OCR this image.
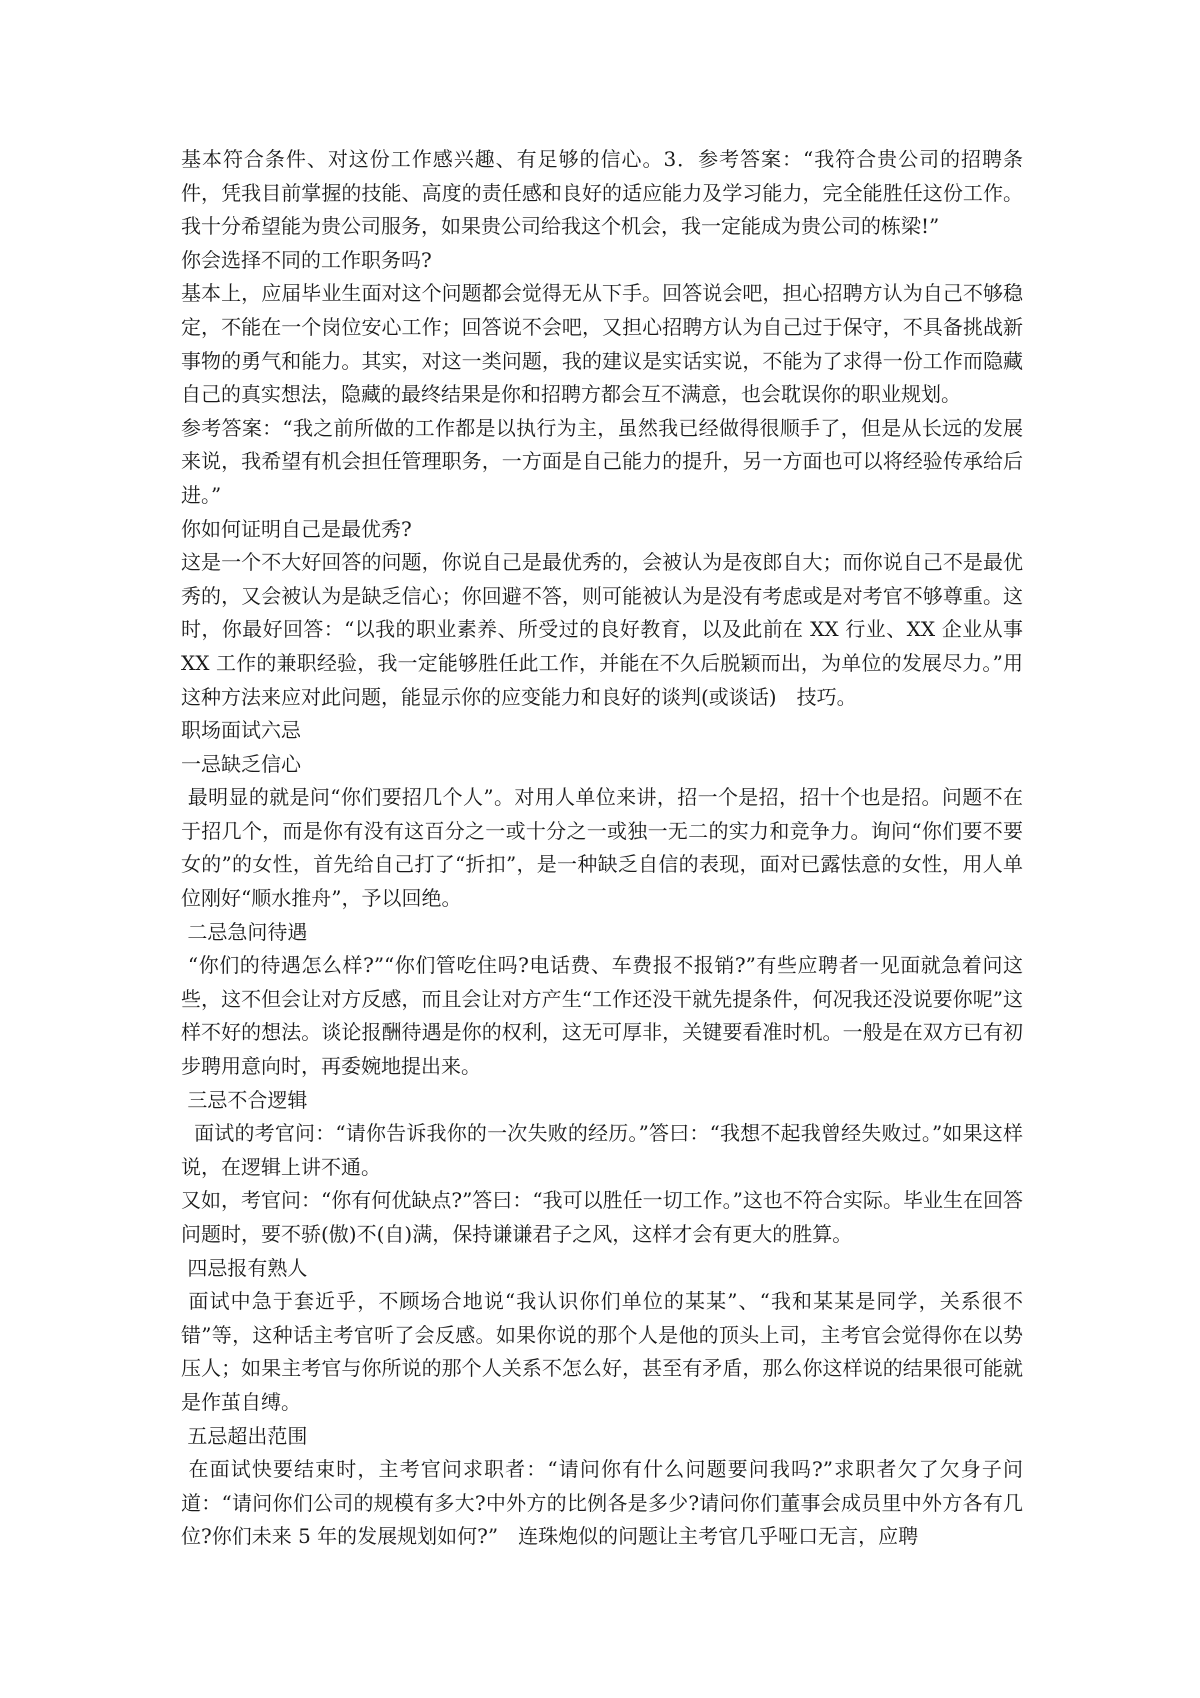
基本符合条件、对这份工作感兴趣、有足够的信心。3．参考答案：“我符合贵公司的招聘条件，凭我目前掌握的技能、高度的责任感和良好的适应能力及学习能力，完全能胜任这份工作。我十分希望能为贵公司服务，如果贵公司给我这个机会，我一定能成为贵公司的栋梁!”

你会选择不同的工作职务吗?

基本上，应届毕业生面对这个问题都会觉得无从下手。回答说会吧，担心招聘方认为自己不够稳定，不能在一个岗位安心工作；回答说不会吧，又担心招聘方认为自己过于保守，不具备挑战新事物的勇气和能力。其实，对这一类问题，我的建议是实话实说，不能为了求得一份工作而隐藏自己的真实想法，隐藏的最终结果是你和招聘方都会互不满意，也会耽误你的职业规划。

参考答案：“我之前所做的工作都是以执行为主，虽然我已经做得很顺手了，但是从长远的发展来说，我希望有机会担任管理职务，一方面是自己能力的提升，另一方面也可以将经验传承给后进。”

你如何证明自己是最优秀?

这是一个不大好回答的问题，你说自己是最优秀的，会被认为是夜郎自大；而你说自己不是最优秀的，又会被认为是缺乏信心；你回避不答，则可能被认为是没有考虑或是对考官不够尊重。这时，你最好回答：“以我的职业素养、所受过的良好教育，以及此前在 XX 行业、XX 企业从事 XX 工作的兼职经验，我一定能够胜任此工作，并能在不久后脱颖而出，为单位的发展尽力。”用这种方法来应对此问题，能显示你的应变能力和良好的谈判(或谈话)　技巧。

职场面试六忌

一忌缺乏信心

最明显的就是问“你们要招几个人”。对用人单位来讲，招一个是招，招十个也是招。问题不在于招几个，而是你有没有这百分之一或十分之一或独一无二的实力和竞争力。询问“你们要不要女的”的女性，首先给自己打了“折扣”，是一种缺乏自信的表现，面对已露怯意的女性，用人单位刚好“顺水推舟”，予以回绝。

二忌急问待遇

“你们的待遇怎么样?”“你们管吃住吗?电话费、车费报不报销?”有些应聘者一见面就急着问这些，这不但会让对方反感，而且会让对方产生“工作还没干就先提条件，何况我还没说要你呢”这样不好的想法。谈论报酬待遇是你的权利，这无可厚非，关键要看准时机。一般是在双方已有初步聘用意向时，再委婉地提出来。

三忌不合逻辑

面试的考官问：“请你告诉我你的一次失败的经历。”答曰：“我想不起我曾经失败过。”如果这样说，在逻辑上讲不通。

又如，考官问：“你有何优缺点?”答曰：“我可以胜任一切工作。”这也不符合实际。毕业生在回答问题时，要不骄(傲)不(自)满，保持谦谦君子之风，这样才会有更大的胜算。

四忌报有熟人

面试中急于套近乎，不顾场合地说“我认识你们单位的某某”、“我和某某是同学，关系很不错”等，这种话主考官听了会反感。如果你说的那个人是他的顶头上司，主考官会觉得你在以势压人；如果主考官与你所说的那个人关系不怎么好，甚至有矛盾，那么你这样说的结果很可能就是作茧自缚。

五忌超出范围

在面试快要结束时，主考官问求职者：“请问你有什么问题要问我吗?”求职者欠了欠身子问道：“请问你们公司的规模有多大?中外方的比例各是多少?请问你们董事会成员里中外方各有几位?你们未来 5 年的发展规划如何?”　连珠炮似的问题让主考官几乎哑口无言，应聘
